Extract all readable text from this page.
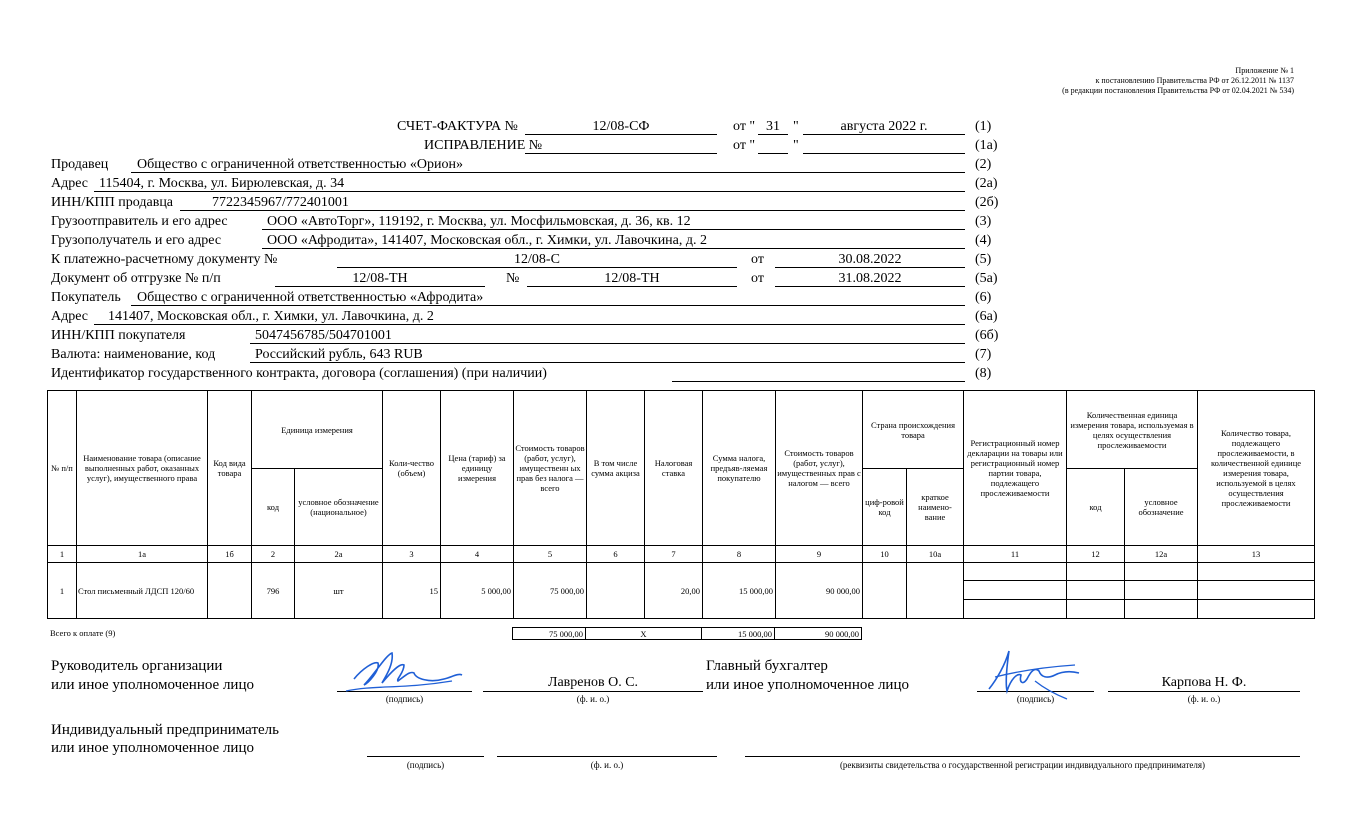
Приложение № 1
к постановлению Правительства РФ от 26.12.2011 № 1137
(в редакции постановления Правительства РФ от 02.04.2021 № 534)
СЧЕТ-ФАКТУРА №	12/08-СФ	от " 31 "	августа 2022 г.	(1)
ИСПРАВЛЕНИЕ №	от "	"	(1а)
Продавец Общество с ограниченной ответственностью «Орион»	(2)
Адрес 115404, г. Москва, ул. Бирюлевская, д. 34	(2а)
ИНН/КПП продавца	7722345967/772401001	(2б)
Грузоотправитель и его адрес	ООО «АвтоТорг», 119192, г. Москва, ул. Мосфильмовская, д. 36, кв. 12	(3)
Грузополучатель и его адрес	ООО «Афродита», 141407, Московская обл., г. Химки, ул. Лавочкина, д. 2	(4)
К платежно-расчетному документу №	12/08-С	от	30.08.2022	(5)
Документ об отгрузке № п/п	12/08-ТН	№	12/08-ТН	от	31.08.2022	(5а)
Покупатель Общество с ограниченной ответственностью «Афродита»	(6)
Адрес 141407, Московская обл., г. Химки, ул. Лавочкина, д. 2	(6а)
ИНН/КПП покупателя	5047456785/504701001	(6б)
Валюта: наименование, код	Российский рубль, 643 RUB	(7)
Идентификатор государственного контракта, договора (соглашения) (при наличии)	(8)
№ п/п	Наименование товара (описание выполненных работ, оказанных услуг), имущественного права	Код вида товара	Единица измерения		Коли-чество (объем)	Цена (тариф) за единицу измерения	Стоимость товаров (работ, услуг), имущественн ых прав без налога — всего	В том числе сумма акциза	Налоговая ставка	Сумма налога, предъяв-ляемая покупателю	Стоимость товаров (работ, услуг), имущественных прав с налогом — всего	Страна происхождения товара		Регистрационный номер декларации на товары или регистрационный номер партии товара, подлежащего прослеживаемости	Количественная единица измерения товара, используемая в целях осуществления прослеживаемости		Количество товара, подлежащего прослеживаемости, в количественной единице измерения товара, используемой в целях осуществления прослеживаемости
			код	условное обозначение (национальное)								циф-ровой код	краткое наимено-вание		код	условное обозначение	
1	1а	1б	2	2а	3	4	5	6	7	8	9	10	10а	11	12	12а	13
1	Стол письменный ЛДСП 120/60		796	шт	15	5 000,00	75 000,00		20,00	15 000,00	90 000,00						

Всего к оплате (9)	75 000,00	X	15 000,00	90 000,00
Руководитель организации
или иное уполномоченное лицо
(подпись)
Лавренов О. С.
(ф. и. о.)
Главный бухгалтер
или иное уполномоченное лицо
(подпись)
Карпова Н. Ф.
(ф. и. о.)
Индивидуальный предприниматель
или иное уполномоченное лицо
(подпись)	(ф. и. о.)	(реквизиты свидетельства о государственной регистрации индивидуального предпринимателя)
